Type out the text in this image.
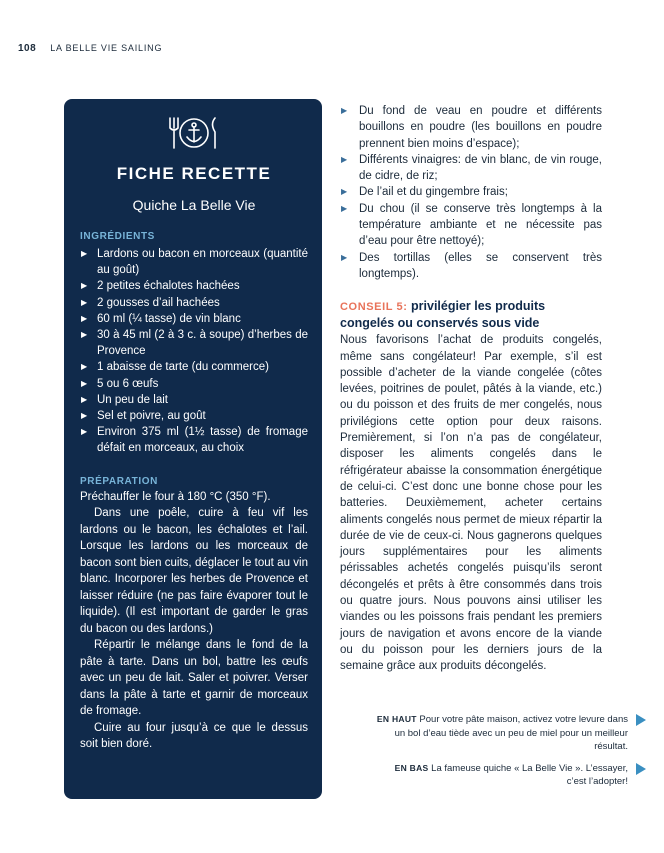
108 LA BELLE VIE SAILING
FICHE RECETTE
Quiche La Belle Vie
INGRÉDIENTS
▶ Lardons ou bacon en morceaux (quantité au goût)
▶ 2 petites échalotes hachées
▶ 2 gousses d’ail hachées
▶ 60 ml (¼ tasse) de vin blanc
▶ 30 à 45 ml (2 à 3 c. à soupe) d’herbes de Provence
▶ 1 abaisse de tarte (du commerce)
▶ 5 ou 6 œufs
▶ Un peu de lait
▶ Sel et poivre, au goût
▶ Environ 375 ml (1½ tasse) de fromage défait en morceaux, au choix
PRÉPARATION

Préchauffer le four à 180 °C (350 °F).

Dans une poêle, cuire à feu vif les lardons ou le bacon, les échalotes et l’ail. Lorsque les lardons ou les morceaux de bacon sont bien cuits, déglacer le tout au vin blanc. Incorporer les herbes de Provence et laisser réduire (ne pas faire évaporer tout le liquide). (Il est important de garder le gras du bacon ou des lardons.)

Répartir le mélange dans le fond de la pâte à tarte. Dans un bol, battre les œufs avec un peu de lait. Saler et poivrer. Verser dans la pâte à tarte et garnir de morceaux de fromage.

Cuire au four jusqu’à ce que le dessus soit bien doré.

▶ Du fond de veau en poudre et différents bouillons en poudre (les bouillons en poudre prennent bien moins d’espace);
▶ Différents vinaigres: de vin blanc, de vin rouge, de cidre, de riz;
▶ De l’ail et du gingembre frais;
▶ Du chou (il se conserve très longtemps à la température ambiante et ne nécessite pas d’eau pour être nettoyé);
▶ Des tortillas (elles se conservent très longtemps).
CONSEIL 5: privilégier les produits congelés ou conservés sous vide
Nous favorisons l’achat de produits congelés, même sans congélateur! Par exemple, s’il est possible d’acheter de la viande congelée (côtes levées, poitrines de poulet, pâtés à la viande, etc.) ou du poisson et des fruits de mer congelés, nous privilégions cette option pour deux raisons. Premièrement, si l’on n’a pas de congélateur, disposer les aliments congelés dans le réfrigérateur abaisse la consommation énergétique de celui-ci. C’est donc une bonne chose pour les batteries. Deuxièmement, acheter certains aliments congelés nous permet de mieux répartir la durée de vie de ceux-ci. Nous gagnerons quelques jours supplémentaires pour les aliments périssables achetés congelés puisqu’ils seront décongelés et prêts à être consommés dans trois ou quatre jours. Nous pouvons ainsi utiliser les viandes ou les poissons frais pendant les premiers jours de navigation et avons encore de la viande ou du poisson pour les derniers jours de la semaine grâce aux produits décongelés.
EN HAUT Pour votre pâte maison, activez votre levure dans un bol d’eau tiède avec un peu de miel pour un meilleur résultat.
EN BAS La fameuse quiche « La Belle Vie ». L’essayer, c’est l’adopter!
